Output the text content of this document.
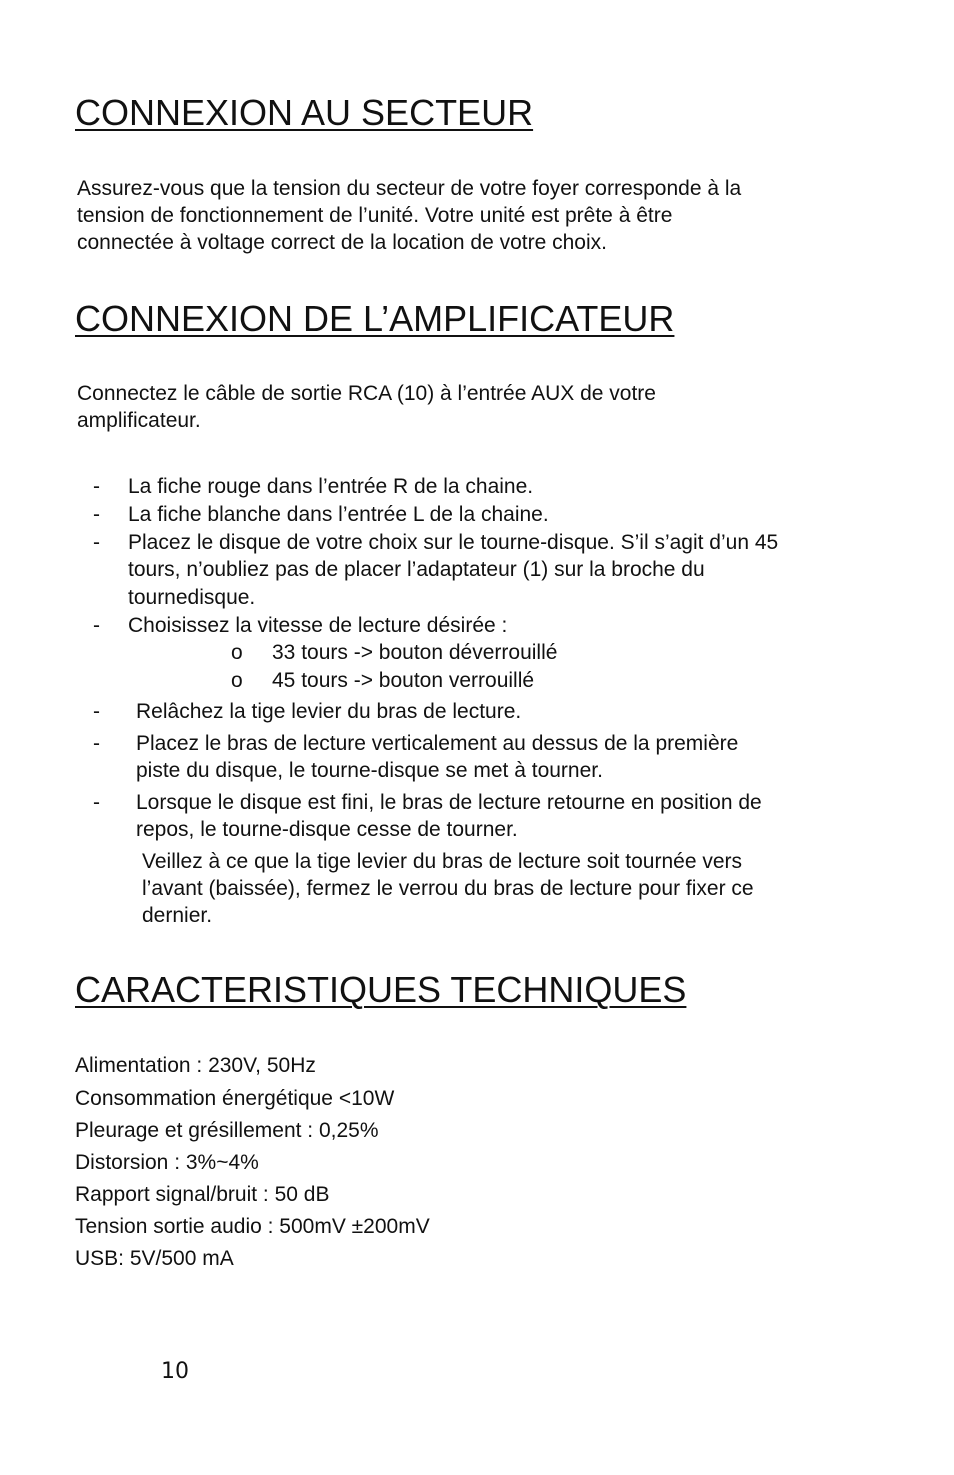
CONNEXION AU SECTEUR

Assurez-vous que la tension du secteur de votre foyer corresponde à la

tension de fonctionnement de l’unité. Votre unité est prête à être

connectée à voltage correct de la location de votre choix.

CONNEXION DE L’AMPLIFICATEUR

Connectez le câble de sortie RCA (10) à l’entrée AUX de votre

amplificateur.

- La fiche rouge dans l’entrée R de la chaine.
- La fiche blanche dans l’entrée L de la chaine.
- Placez le disque de votre choix sur le tourne-disque. S’il s’agit d’un 45
tours, n’oubliez pas de placer l’adaptateur (1) sur la broche du
tournedisque.
- Choisissez la vitesse de lecture désirée :
o 33 tours -> bouton déverrouillé
o 45 tours -> bouton verrouillé
- Relâchez la tige levier du bras de lecture.
- Placez le bras de lecture verticalement au dessus de la première
piste du disque, le tourne-disque se met à tourner.
- Lorsque le disque est fini, le bras de lecture retourne en position de
repos, le tourne-disque cesse de tourner.

Veillez à ce que la tige levier du bras de lecture soit tournée vers

l’avant (baissée), fermez le verrou du bras de lecture pour fixer ce

dernier.

CARACTERISTIQUES TECHNIQUES

Alimentation : 230V, 50Hz

Consommation énergétique <10W

Pleurage et grésillement : 0,25%

Distorsion : 3%~4%

Rapport signal/bruit : 50 dB

Tension sortie audio : 500mV ±200mV

USB: 5V/500 mA

10
